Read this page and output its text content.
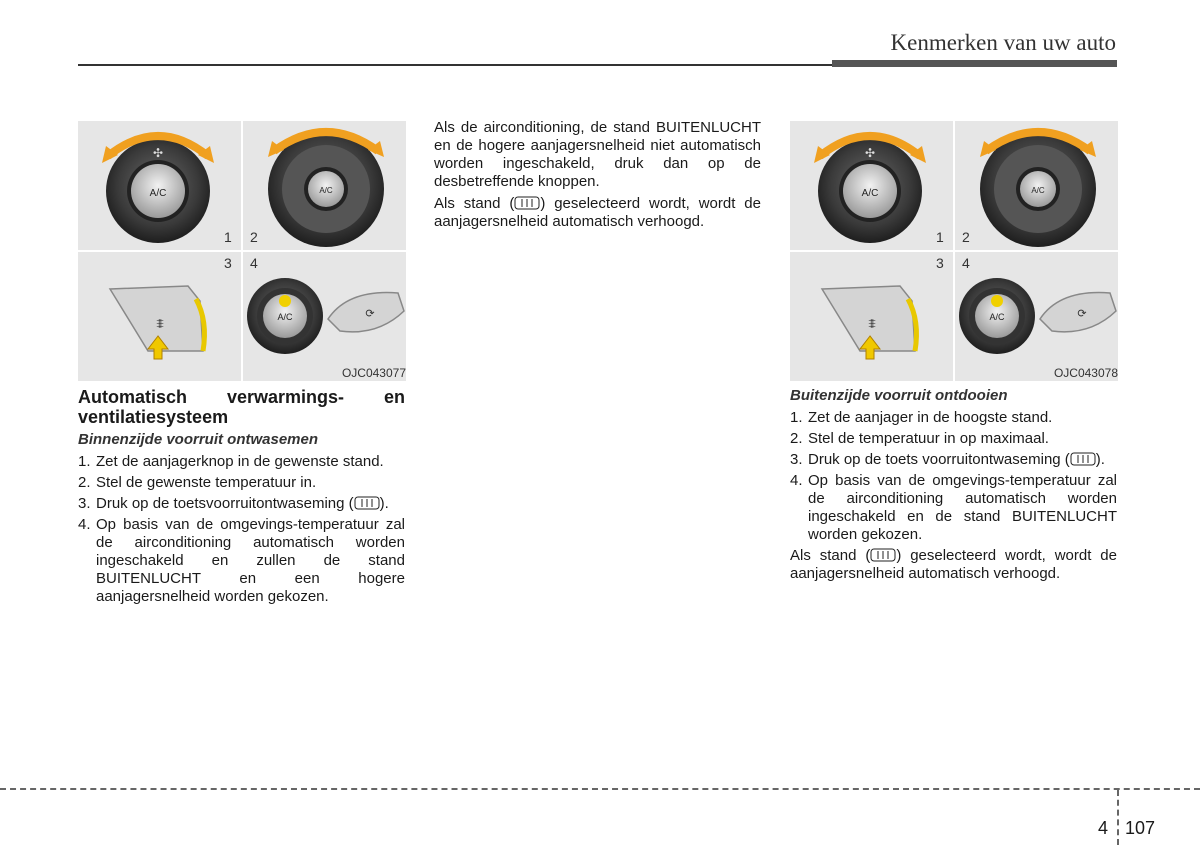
Kenmerken van uw auto
A/C
✣
A/C
⩨	A/C	⟳
1 2
3 4
OJC043077
A/C
✣
A/C
⩨	A/C	⟳
1 2
3 4
OJC043078

Automatisch verwarmings- en ventilatiesysteem

Binnenzijde voorruit ontwasemen

1. Zet de aanjagerknop in de gewenste stand.
2. Stel de gewenste temperatuur in.
3. Druk op de toetsvoorruitontwaseming ( ).
4. Op basis van de omgevings-temperatuur zal de airconditioning automatisch worden ingeschakeld en zullen de stand BUITENLUCHT en een hogere aanjagersnelheid worden gekozen.

Als de airconditioning, de stand BUITENLUCHT en de hogere aanjagersnelheid niet automatisch worden ingeschakeld, druk dan op de desbetreffende knoppen.

Als stand ( ) geselecteerd wordt, wordt de aanjagersnelheid automatisch verhoogd.

Buitenzijde voorruit ontdooien

1. Zet de aanjager in de hoogste stand.
2. Stel de temperatuur in op maximaal.
3. Druk op de toets voorruitontwaseming ( ).
4. Op basis van de omgevings-temperatuur zal de airconditioning automatisch worden ingeschakeld en de stand BUITENLUCHT worden gekozen.

Als stand ( ) geselecteerd wordt, wordt de aanjagersnelheid automatisch verhoogd.

4 107
